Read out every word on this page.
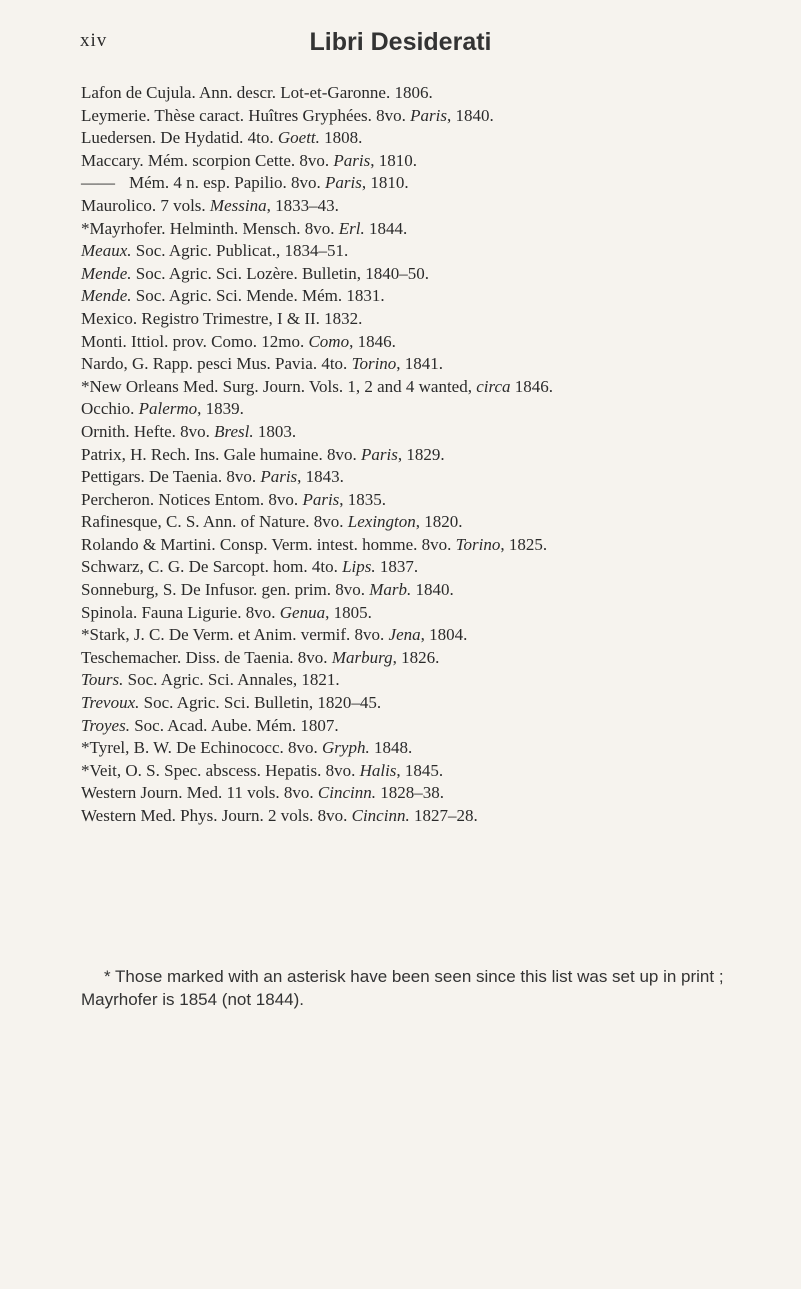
xiv	Libri Desiderati
Lafon de Cujula. Ann. descr. Lot-et-Garonne. 1806.
Leymerie. Thèse caract. Huîtres Gryphées. 8vo. Paris, 1840.
Luedersen. De Hydatid. 4to. Goett. 1808.
Maccary. Mém. scorpion Cette. 8vo. Paris, 1810.
—— Mém. 4 n. esp. Papilio. 8vo. Paris, 1810.
Maurolico. 7 vols. Messina, 1833–43.
*Mayrhofer. Helminth. Mensch. 8vo. Erl. 1844.
Meaux. Soc. Agric. Publicat., 1834–51.
Mende. Soc. Agric. Sci. Lozère. Bulletin, 1840–50.
Mende. Soc. Agric. Sci. Mende. Mém. 1831.
Mexico. Registro Trimestre, I & II. 1832.
Monti. Ittiol. prov. Como. 12mo. Como, 1846.
Nardo, G. Rapp. pesci Mus. Pavia. 4to. Torino, 1841.
*New Orleans Med. Surg. Journ. Vols. 1, 2 and 4 wanted, circa 1846.
Occhio. Palermo, 1839.
Ornith. Hefte. 8vo. Bresl. 1803.
Patrix, H. Rech. Ins. Gale humaine. 8vo. Paris, 1829.
Pettigars. De Taenia. 8vo. Paris, 1843.
Percheron. Notices Entom. 8vo. Paris, 1835.
Rafinesque, C. S. Ann. of Nature. 8vo. Lexington, 1820.
Rolando & Martini. Consp. Verm. intest. homme. 8vo. Torino, 1825.
Schwarz, C. G. De Sarcopt. hom. 4to. Lips. 1837.
Sonneburg, S. De Infusor. gen. prim. 8vo. Marb. 1840.
Spinola. Fauna Ligurie. 8vo. Genua, 1805.
*Stark, J. C. De Verm. et Anim. vermif. 8vo. Jena, 1804.
Teschemacher. Diss. de Taenia. 8vo. Marburg, 1826.
Tours. Soc. Agric. Sci. Annales, 1821.
Trevoux. Soc. Agric. Sci. Bulletin, 1820–45.
Troyes. Soc. Acad. Aube. Mém. 1807.
*Tyrel, B. W. De Echinococc. 8vo. Gryph. 1848.
*Veit, O. S. Spec. abscess. Hepatis. 8vo. Halis, 1845.
Western Journ. Med. 11 vols. 8vo. Cincinn. 1828–38.
Western Med. Phys. Journ. 2 vols. 8vo. Cincinn. 1827–28.
* Those marked with an asterisk have been seen since this list was set up in print ;
Mayrhofer is 1854 (not 1844).
